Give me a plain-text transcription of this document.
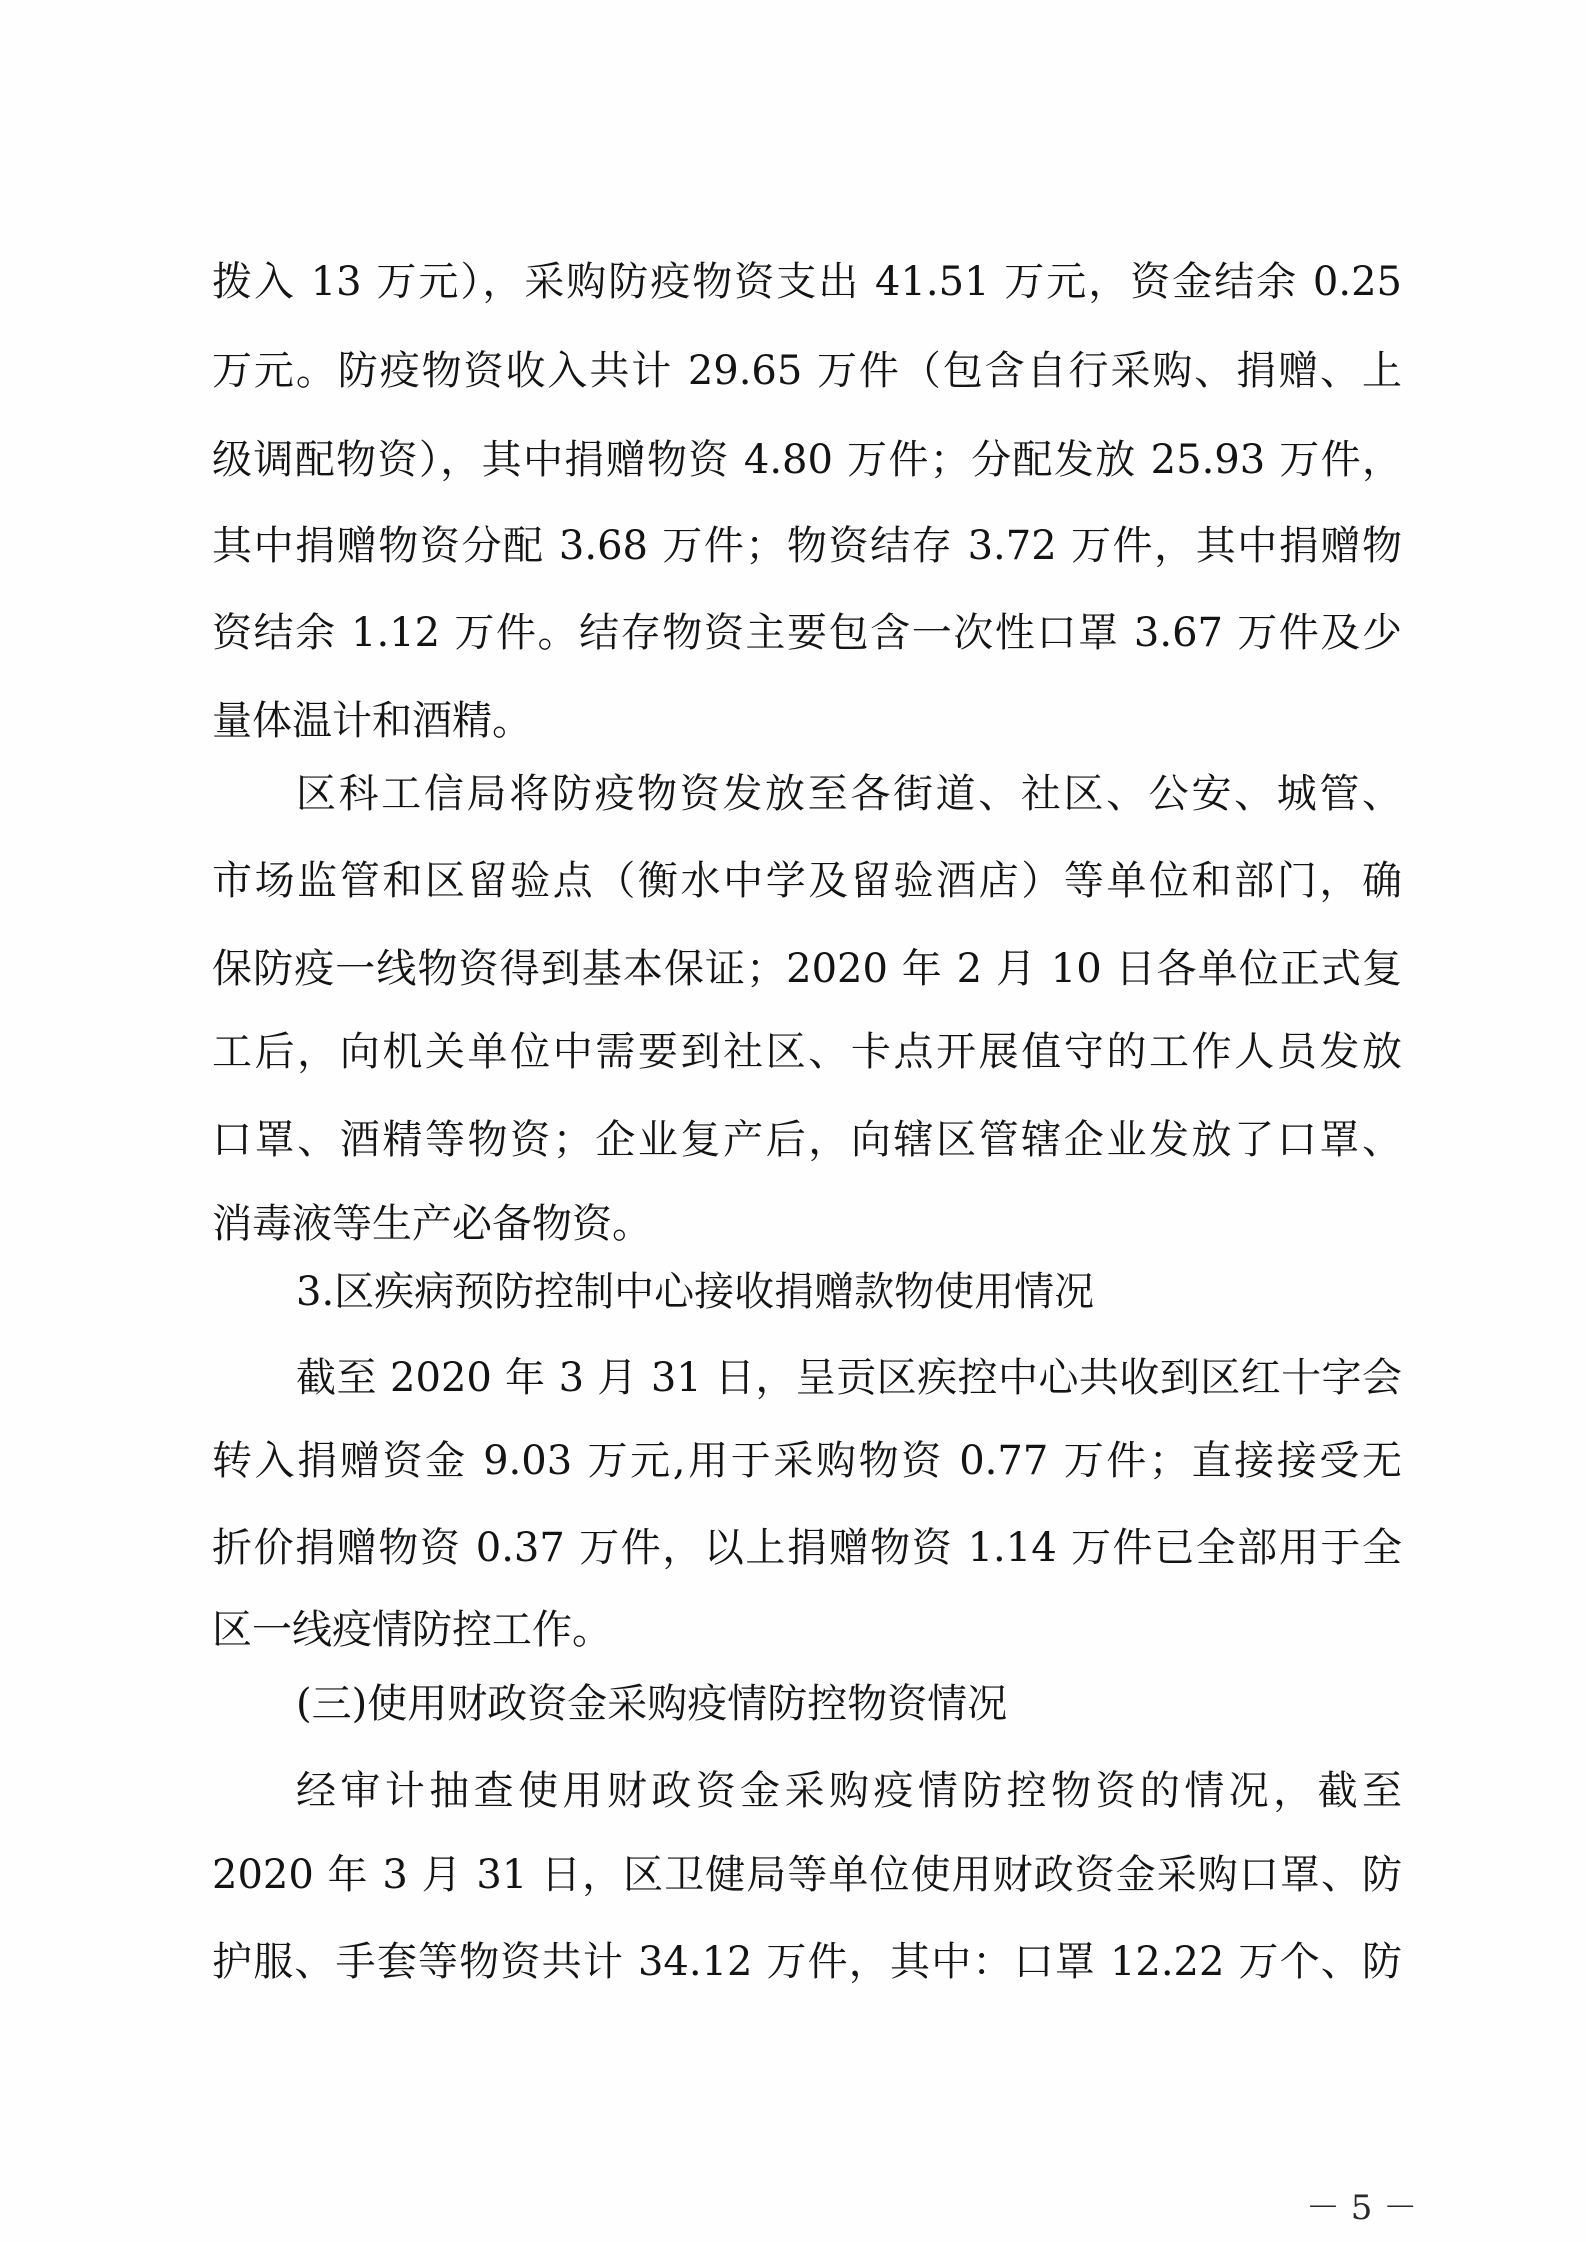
拨入 13 万元），采购防疫物资支出 41.51 万元，资金结余 0.25
万元。防疫物资收入共计 29.65 万件（包含自行采购、捐赠、上
级调配物资），其中捐赠物资 4.80 万件；分配发放 25.93 万件，
其中捐赠物资分配 3.68 万件；物资结存 3.72 万件，其中捐赠物
资结余 1.12 万件。结存物资主要包含一次性口罩 3.67 万件及少
量体温计和酒精。
区科工信局将防疫物资发放至各街道、社区、公安、城管、
市场监管和区留验点（衡水中学及留验酒店）等单位和部门，确
保防疫一线物资得到基本保证；2020 年 2 月 10 日各单位正式复
工后，向机关单位中需要到社区、卡点开展值守的工作人员发放
口罩、酒精等物资；企业复产后，向辖区管辖企业发放了口罩、
消毒液等生产必备物资。
3.区疾病预防控制中心接收捐赠款物使用情况
截至 2020 年 3 月 31 日，呈贡区疾控中心共收到区红十字会
转入捐赠资金 9.03 万元,用于采购物资 0.77 万件；直接接受无
折价捐赠物资 0.37 万件，以上捐赠物资 1.14 万件已全部用于全
区一线疫情防控工作。
(三)使用财政资金采购疫情防控物资情况
经审计抽查使用财政资金采购疫情防控物资的情况，截至
2020 年 3 月 31 日，区卫健局等单位使用财政资金采购口罩、防
护服、手套等物资共计 34.12 万件，其中：口罩 12.22 万个、防
－ 5 －
